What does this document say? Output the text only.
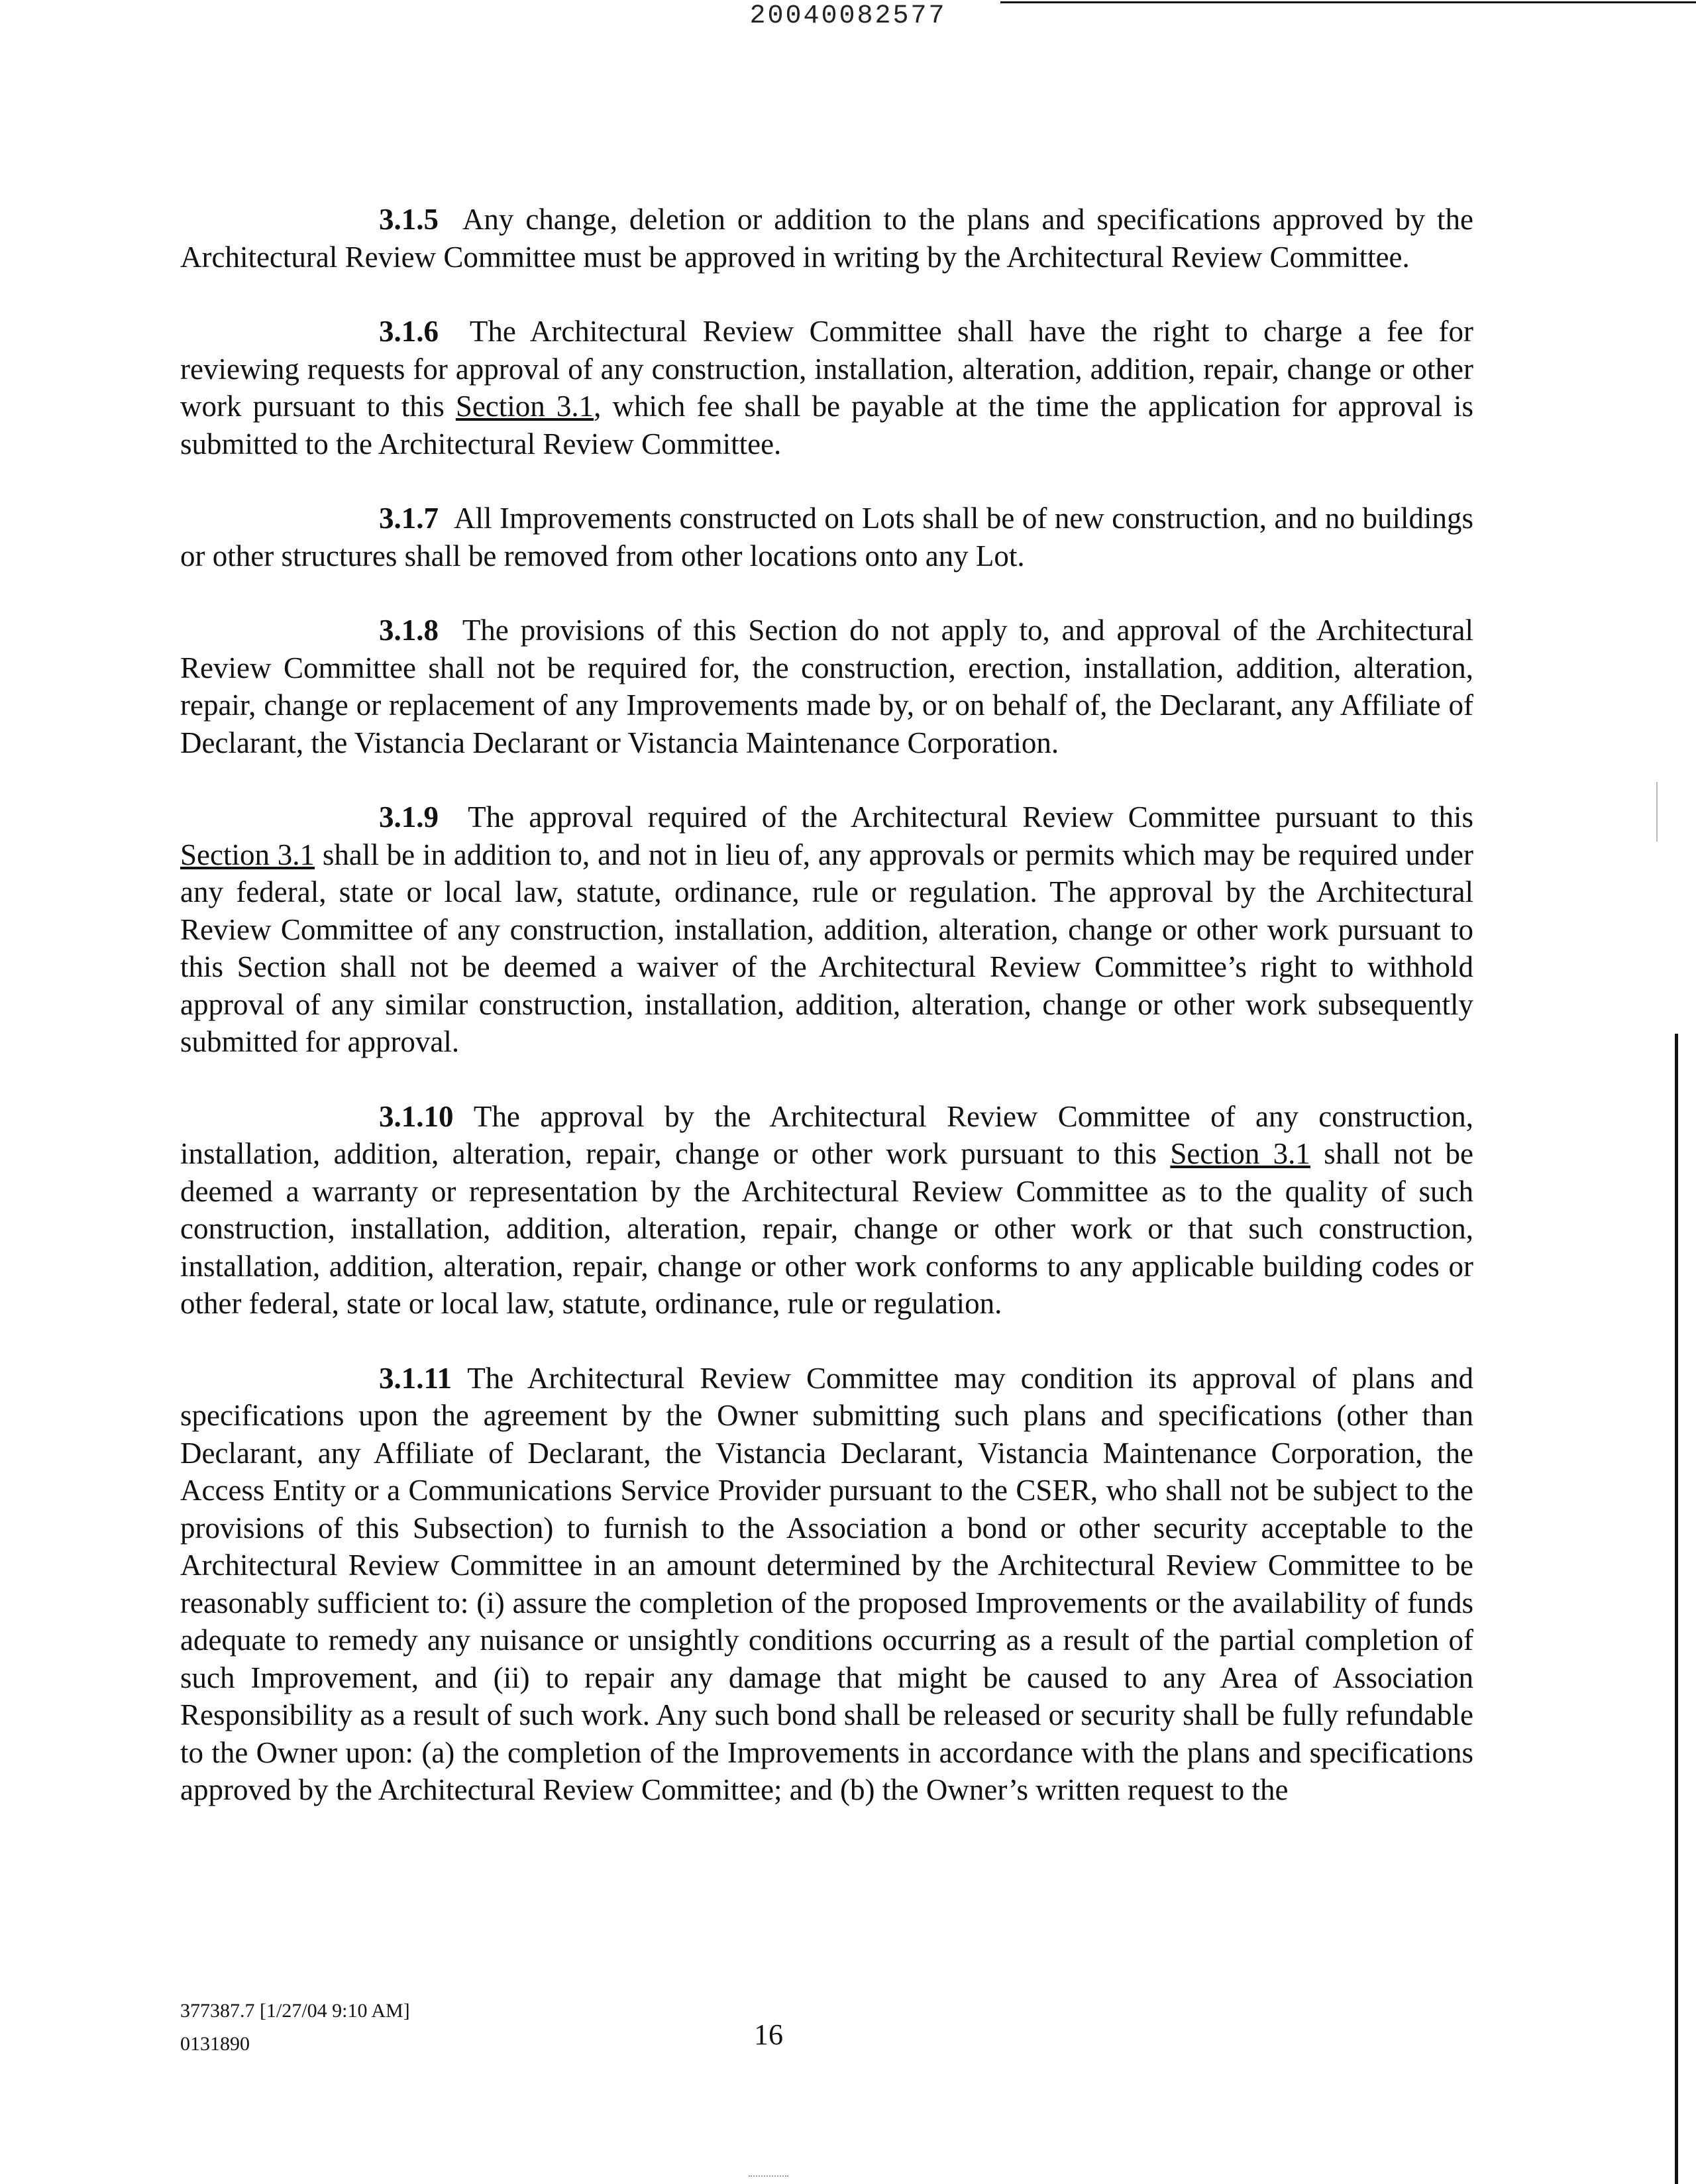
20040082577

3.1.5 Any change, deletion or addition to the plans and specifications approved by the Architectural Review Committee must be approved in writing by the Architectural Review Committee.

3.1.6 The Architectural Review Committee shall have the right to charge a fee for reviewing requests for approval of any construction, installation, alteration, addition, repair, change or other work pursuant to this Section 3.1, which fee shall be payable at the time the application for approval is submitted to the Architectural Review Committee.

3.1.7 All Improvements constructed on Lots shall be of new construction, and no buildings or other structures shall be removed from other locations onto any Lot.

3.1.8 The provisions of this Section do not apply to, and approval of the Architectural Review Committee shall not be required for, the construction, erection, installation, addition, alteration, repair, change or replacement of any Improvements made by, or on behalf of, the Declarant, any Affiliate of Declarant, the Vistancia Declarant or Vistancia Maintenance Corporation.

3.1.9 The approval required of the Architectural Review Committee pursuant to this Section 3.1 shall be in addition to, and not in lieu of, any approvals or permits which may be required under any federal, state or local law, statute, ordinance, rule or regulation. The approval by the Architectural Review Committee of any construction, installation, addition, alteration, change or other work pursuant to this Section shall not be deemed a waiver of the Architectural Review Committee’s right to withhold approval of any similar construction, installation, addition, alteration, change or other work subsequently submitted for approval.

3.1.10 The approval by the Architectural Review Committee of any construction, installation, addition, alteration, repair, change or other work pursuant to this Section 3.1 shall not be deemed a warranty or representation by the Architectural Review Committee as to the quality of such construction, installation, addition, alteration, repair, change or other work or that such construction, installation, addition, alteration, repair, change or other work conforms to any applicable building codes or other federal, state or local law, statute, ordinance, rule or regulation.

3.1.11 The Architectural Review Committee may condition its approval of plans and specifications upon the agreement by the Owner submitting such plans and specifications (other than Declarant, any Affiliate of Declarant, the Vistancia Declarant, Vistancia Maintenance Corporation, the Access Entity or a Communications Service Provider pursuant to the CSER, who shall not be subject to the provisions of this Subsection) to furnish to the Association a bond or other security acceptable to the Architectural Review Committee in an amount determined by the Architectural Review Committee to be reasonably sufficient to: (i) assure the completion of the proposed Improvements or the availability of funds adequate to remedy any nuisance or unsightly conditions occurring as a result of the partial completion of such Improvement, and (ii) to repair any damage that might be caused to any Area of Association Responsibility as a result of such work. Any such bond shall be released or security shall be fully refundable to the Owner upon: (a) the completion of the Improvements in accordance with the plans and specifications approved by the Architectural Review Committee; and (b) the Owner’s written request to the

377387.7 [1/27/04 9:10 AM]
0131890	16
